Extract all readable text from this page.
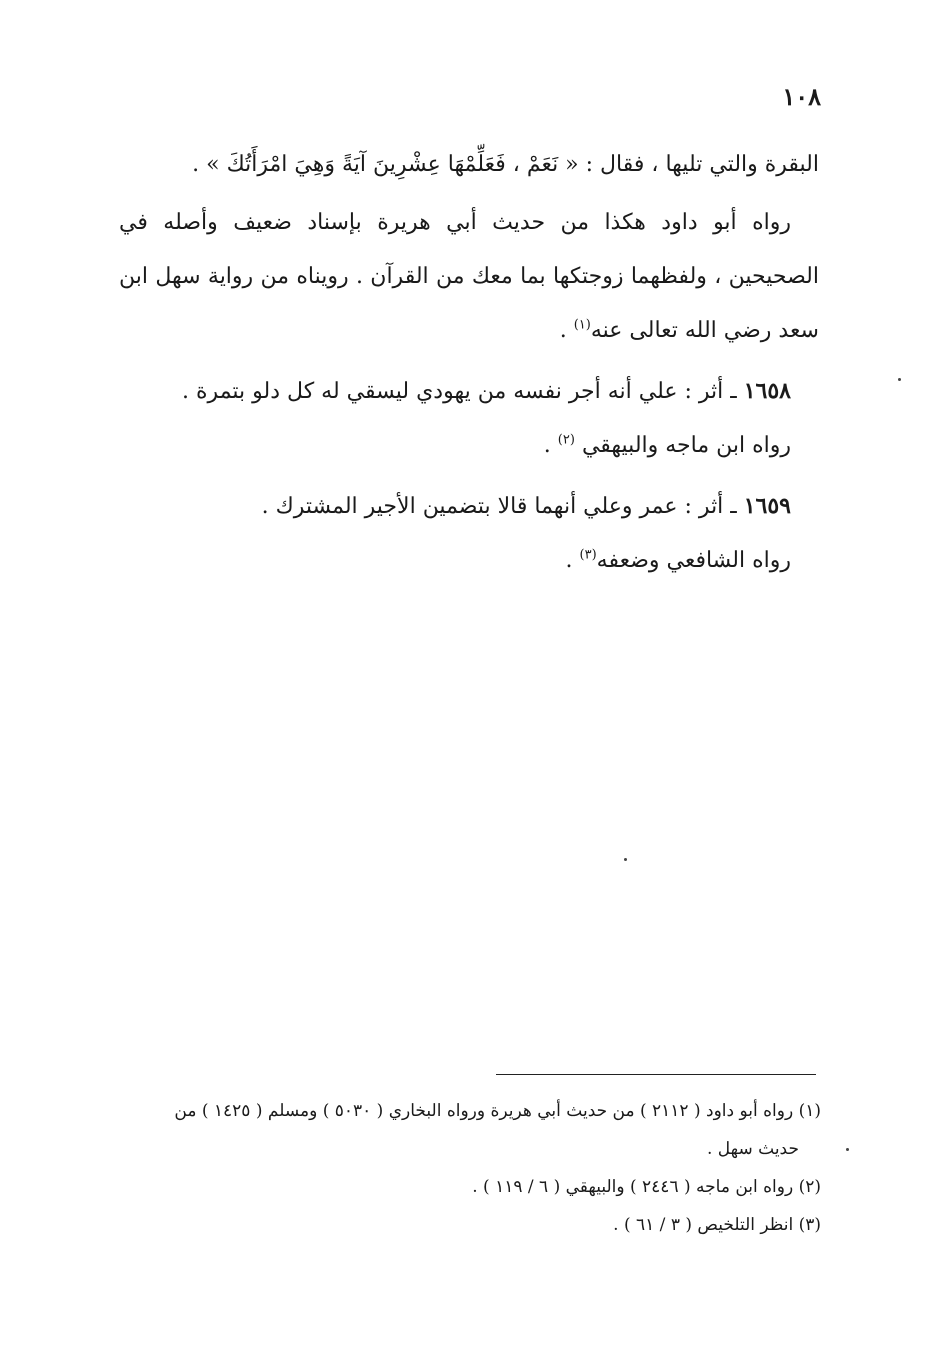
١٠٨

البقرة والتي تليها ، فقال : « نَعَمْ ، فَعَلِّمْهَا عِشْرِينَ آيَةً وَهِيَ امْرَأَتُكَ » .

رواه أبو داود هكذا من حديث أبي هريرة بإسناد ضعيف وأصله في الصحيحين ، ولفظهما زوجتكها بما معك من القرآن . رويناه من رواية سهل ابن سعد رضي الله تعالى عنه$^{(١)}$ .

١٦٥٨ ـ أثر : علي أنه أجر نفسه من يهودي ليسقي له كل دلو بتمرة .

رواه ابن ماجه والبيهقي $^{(٢)}$ .

١٦٥٩ ـ أثر : عمر وعلي أنهما قالا بتضمين الأجير المشترك .

رواه الشافعي وضعفه$^{(٣)}$ .

(١) رواه أبو داود ( ٢١١٢ ) من حديث أبي هريرة ورواه البخاري ( ٥٠٣٠ ) ومسلم ( ١٤٢٥ ) من

حديث سهل .

(٢) رواه ابن ماجه ( ٢٤٤٦ ) والبيهقي ( ٦ / ١١٩ ) .

(٣) انظر التلخيص ( ٣ / ٦١ ) .
